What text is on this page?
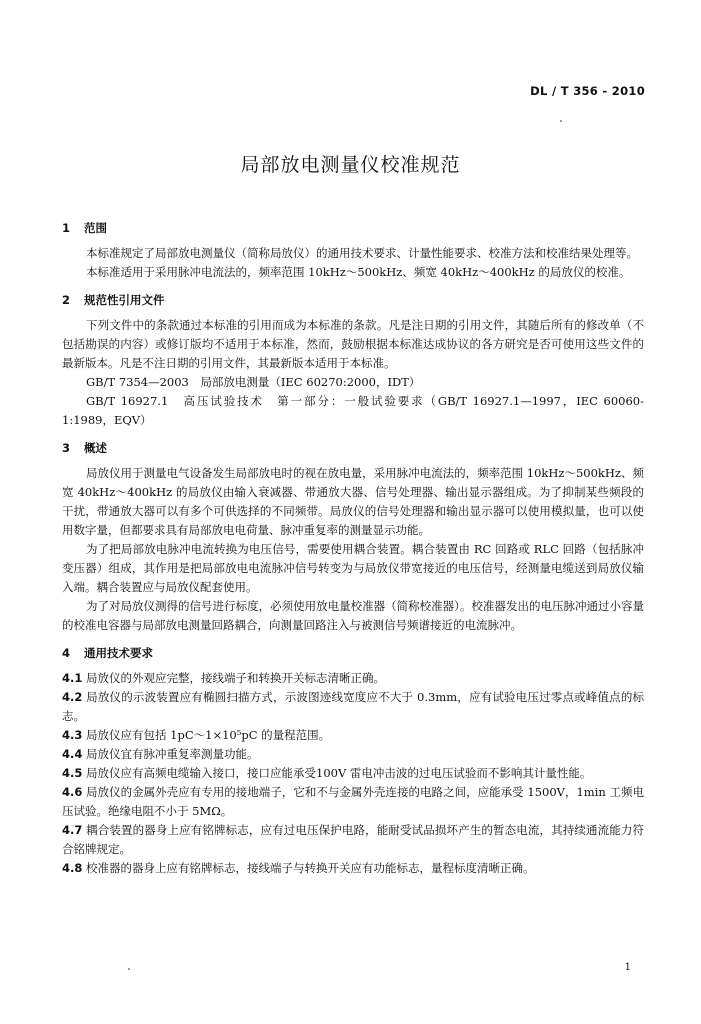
DL / T 356 - 2010
局部放电测量仪校准规范
1 范围

本标准规定了局部放电测量仪（简称局放仪）的通用技术要求、计量性能要求、校准方法和校准结果处理等。

本标准适用于采用脉冲电流法的，频率范围 10kHz～500kHz、频宽 40kHz～400kHz 的局放仪的校准。

2 规范性引用文件

下列文件中的条款通过本标准的引用而成为本标准的条款。凡是注日期的引用文件，其随后所有的修改单（不包括勘误的内容）或修订版均不适用于本标准，然而，鼓励根据本标准达成协议的各方研究是否可使用这些文件的最新版本。凡是不注日期的引用文件，其最新版本适用于本标准。

GB/T 7354—2003　局部放电测量（IEC 60270:2000，IDT）

GB/T 16927.1　高压试验技术　第一部分：一般试验要求（GB/T 16927.1—1997，IEC 60060-1:1989，EQV）

3 概述

局放仪用于测量电气设备发生局部放电时的视在放电量，采用脉冲电流法的，频率范围 10kHz～500kHz、频宽 40kHz～400kHz 的局放仪由输入衰减器、带通放大器、信号处理器、输出显示器组成。为了抑制某些频段的干扰，带通放大器可以有多个可供选择的不同频带。局放仪的信号处理器和输出显示器可以使用模拟量，也可以使用数字量，但都要求具有局部放电电荷量、脉冲重复率的测量显示功能。

为了把局部放电脉冲电流转换为电压信号，需要使用耦合装置。耦合装置由 RC 回路或 RLC 回路（包括脉冲变压器）组成，其作用是把局部放电电流脉冲信号转变为与局放仪带宽接近的电压信号，经测量电缆送到局放仪输入端。耦合装置应与局放仪配套使用。

为了对局放仪测得的信号进行标度，必须使用放电量校准器（简称校准器）。校准器发出的电压脉冲通过小容量的校准电容器与局部放电测量回路耦合，向测量回路注入与被测信号频谱接近的电流脉冲。

4 通用技术要求
4.1 局放仪的外观应完整，接线端子和转换开关标志清晰正确。
4.2 局放仪的示波装置应有椭圆扫描方式，示波图迹线宽度应不大于 0.3mm，应有试验电压过零点或峰值点的标志。
4.3 局放仪应有包括 1pC～1×10⁵pC 的量程范围。
4.4 局放仪宜有脉冲重复率测量功能。
4.5 局放仪应有高频电缆输入接口，接口应能承受100V 雷电冲击波的过电压试验而不影响其计量性能。
4.6 局放仪的金属外壳应有专用的接地端子，它和不与金属外壳连接的电路之间，应能承受 1500V，1min 工频电压试验。绝缘电阻不小于 5MΩ。
4.7 耦合装置的器身上应有铭牌标志，应有过电压保护电路，能耐受试品损坏产生的暂态电流，其持续通流能力符合铭牌规定。
4.8 校准器的器身上应有铭牌标志，接线端子与转换开关应有功能标志，量程标度清晰正确。
1
